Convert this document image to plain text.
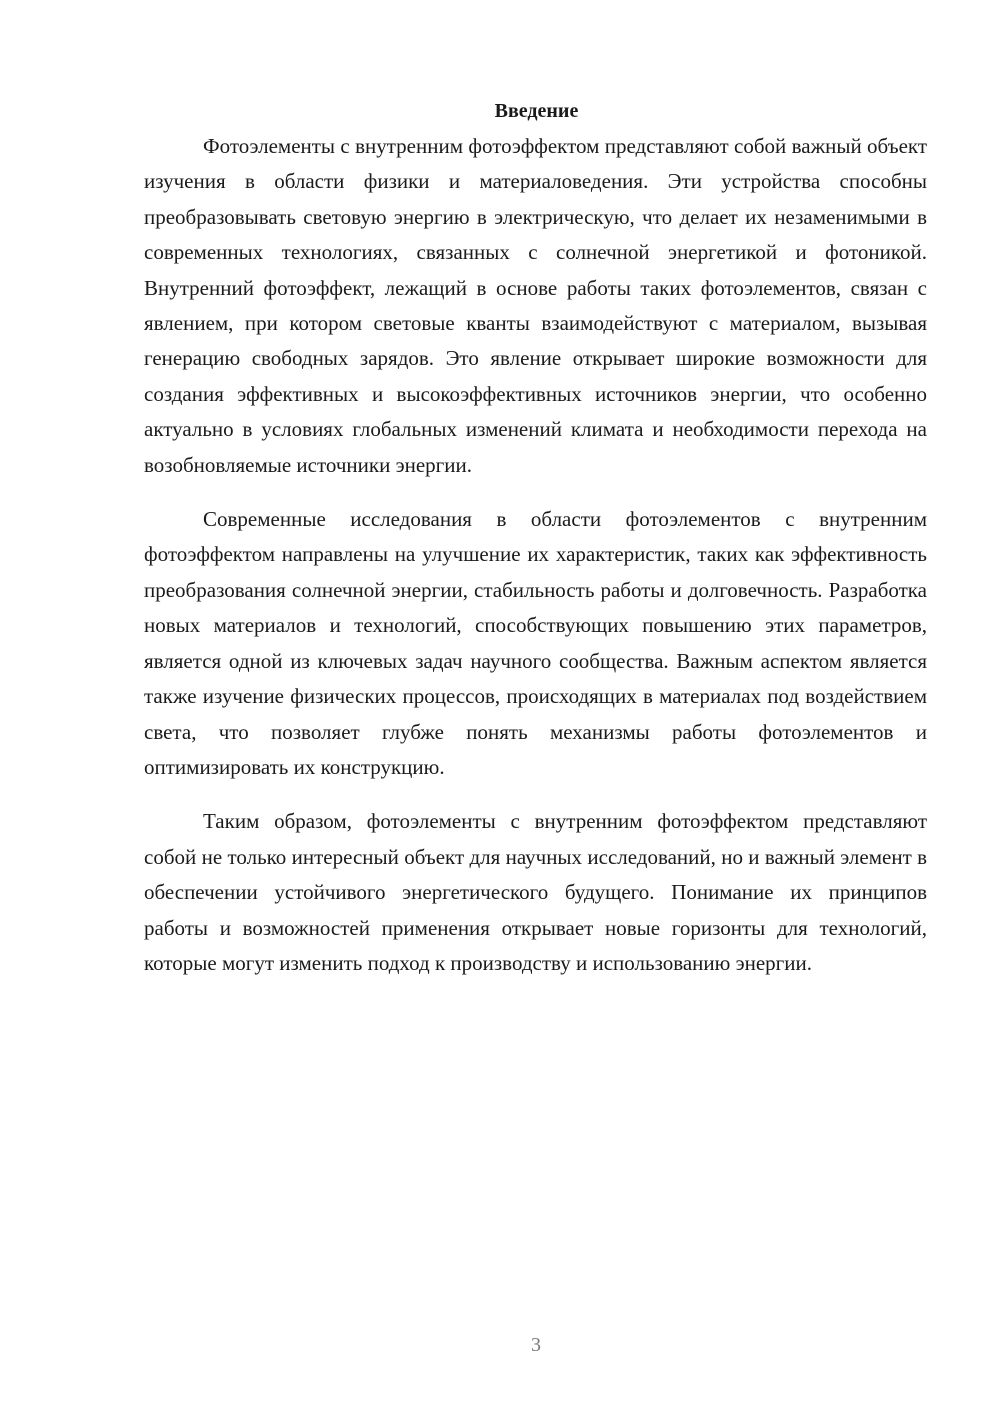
Введение

Фотоэлементы с внутренним фотоэффектом представляют собой важный объект изучения в области физики и материаловедения. Эти устройства способны преобразовывать световую энергию в электрическую, что делает их незаменимыми в современных технологиях, связанных с солнечной энергетикой и фотоникой. Внутренний фотоэффект, лежащий в основе работы таких фотоэлементов, связан с явлением, при котором световые кванты взаимодействуют с материалом, вызывая генерацию свободных зарядов. Это явление открывает широкие возможности для создания эффективных и высокоэффективных источников энергии, что особенно актуально в условиях глобальных изменений климата и необходимости перехода на возобновляемые источники энергии.

Современные исследования в области фотоэлементов с внутренним фотоэффектом направлены на улучшение их характеристик, таких как эффективность преобразования солнечной энергии, стабильность работы и долговечность. Разработка новых материалов и технологий, способствующих повышению этих параметров, является одной из ключевых задач научного сообщества. Важным аспектом является также изучение физических процессов, происходящих в материалах под воздействием света, что позволяет глубже понять механизмы работы фотоэлементов и оптимизировать их конструкцию.

Таким образом, фотоэлементы с внутренним фотоэффектом представляют собой не только интересный объект для научных исследований, но и важный элемент в обеспечении устойчивого энергетического будущего. Понимание их принципов работы и возможностей применения открывает новые горизонты для технологий, которые могут изменить подход к производству и использованию энергии.

3
